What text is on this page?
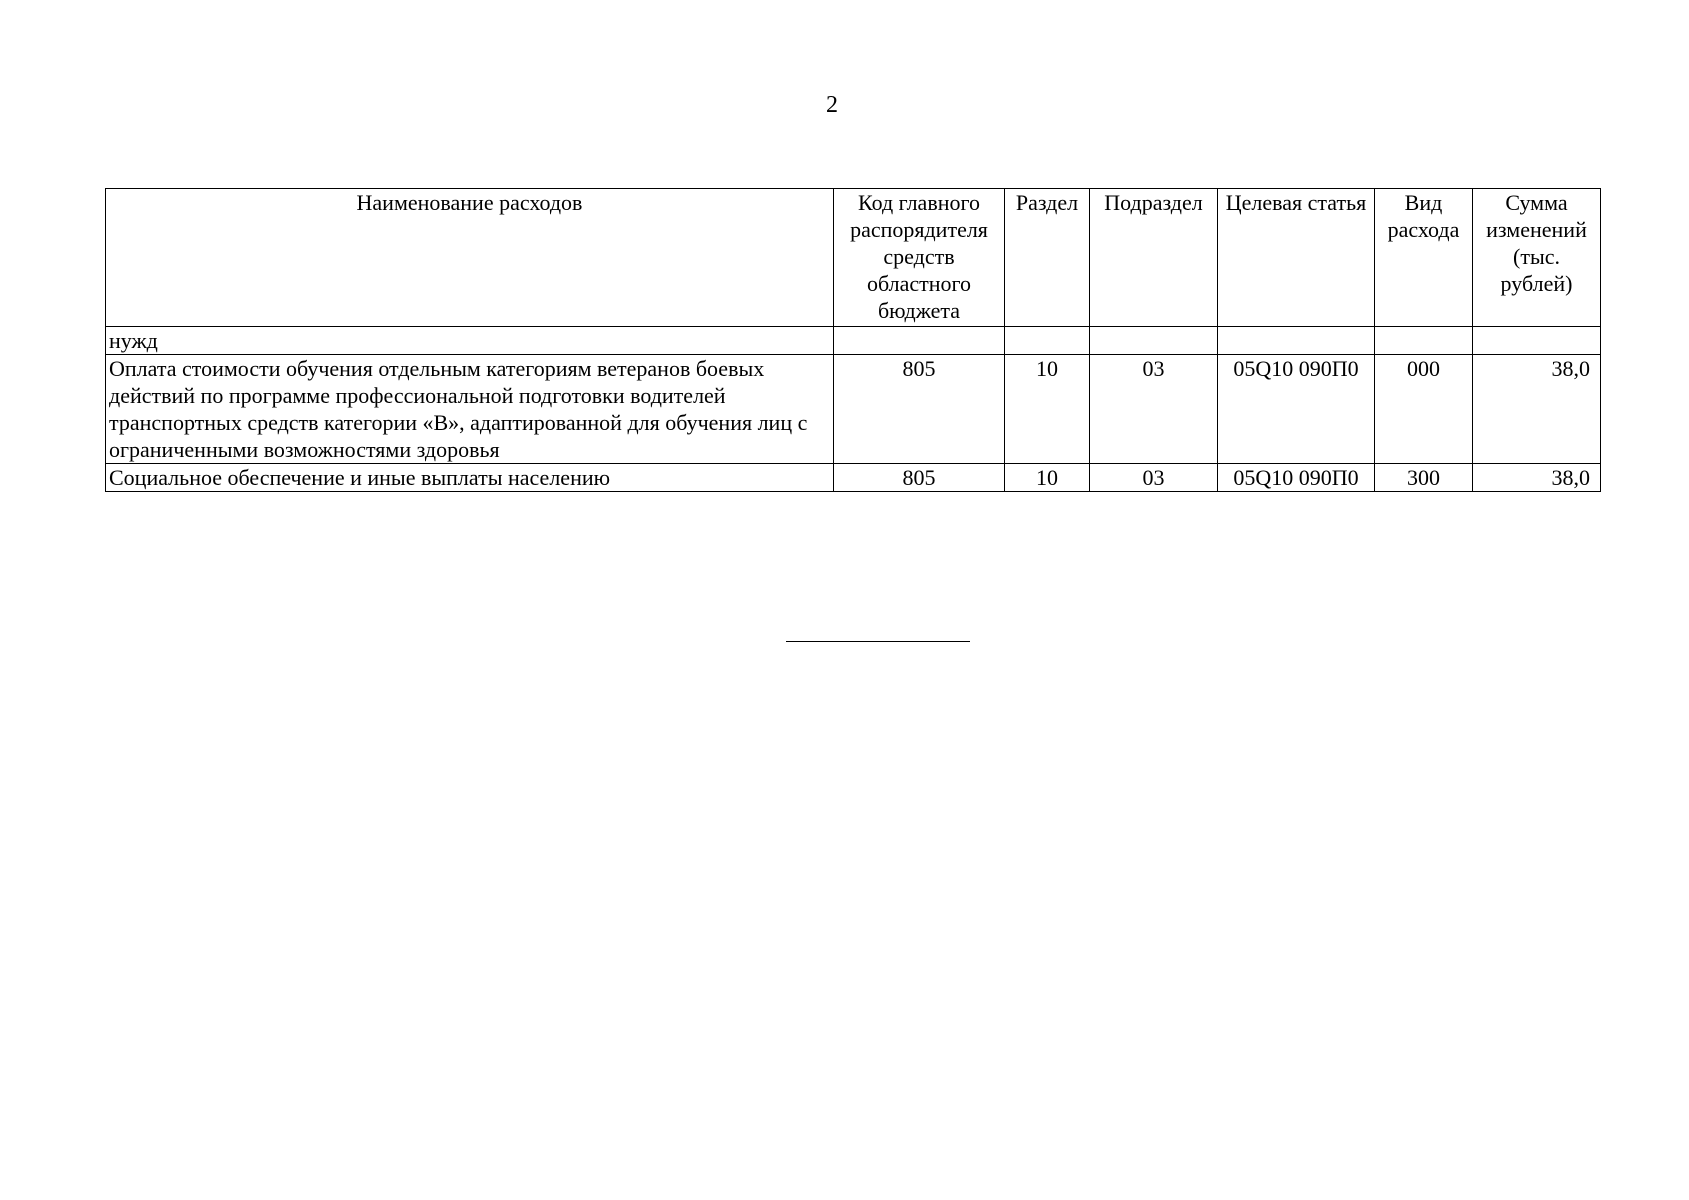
2
Наименование расходов	Код главного распорядителя средств областного бюджета	Раздел	Подраздел	Целевая статья	Вид расхода	Сумма изменений (тыс. рублей)
нужд						
Оплата стоимости обучения отдельным категориям ветеранов боевых действий по программе профессиональной подготовки водителей транспортных средств категории «В», адаптированной для обучения лиц с ограниченными возможностями здоровья	805	10	03	05Q10 090П0	000	38,0
Социальное обеспечение и иные выплаты населению	805	10	03	05Q10 090П0	300	38,0
